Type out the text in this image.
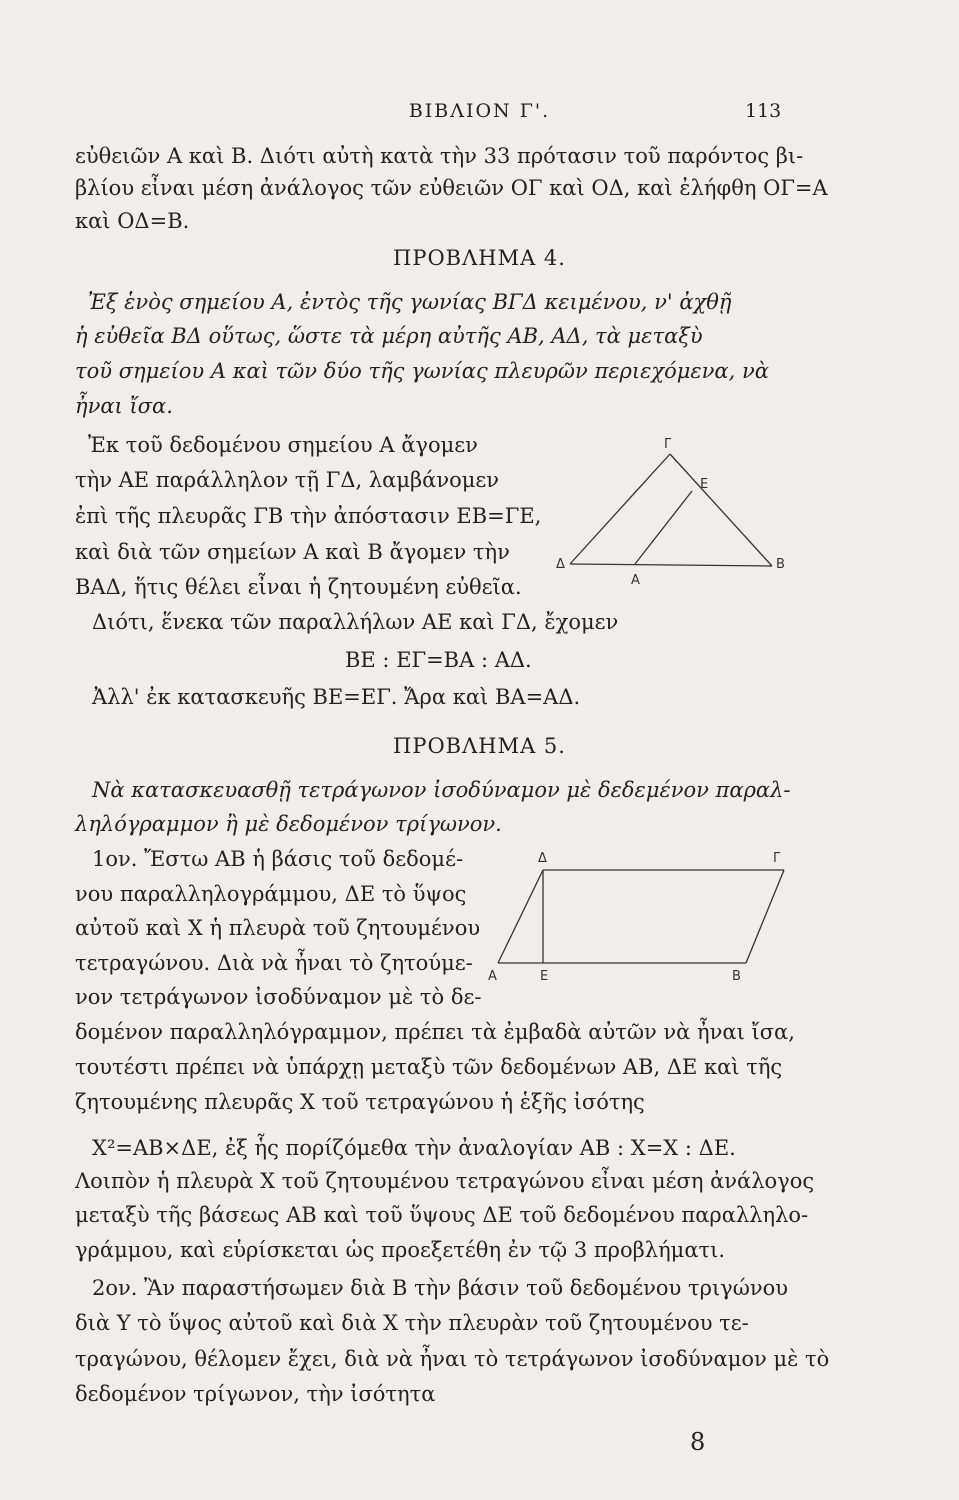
ΒΙΒΛΙΟΝ Γ'.	113
εὐθειῶν Α καὶ Β. Διότι αὐτὴ κατὰ τὴν 33 πρότασιν τοῦ παρόντος βι-
βλίου εἶναι μέση ἀνάλογος τῶν εὐθειῶν ΟΓ καὶ ΟΔ, καὶ ἐλήφθη ΟΓ=Α
καὶ ΟΔ=Β.
ΠΡΟΒΛΗΜΑ 4.
Ἐξ ἑνὸς σημείου Α, ἐντὸς τῆς γωνίας ΒΓΔ κειμένου, ν' ἀχθῇ
ἡ εὐθεῖα ΒΔ οὕτως, ὥστε τὰ μέρη αὐτῆς ΑΒ, ΑΔ, τὰ μεταξὺ
τοῦ σημείου Α καὶ τῶν δύο τῆς γωνίας πλευρῶν περιεχόμενα, νὰ
ἦναι ἴσα.
Ἐκ τοῦ δεδομένου σημείου Α ἄγομεν
τὴν ΑΕ παράλληλον τῇ ΓΔ, λαμβάνομεν
ἐπὶ τῆς πλευρᾶς ΓΒ τὴν ἀπόστασιν ΕΒ=ΓΕ,
καὶ διὰ τῶν σημείων Α καὶ Β ἄγομεν τὴν
ΒΑΔ, ἥτις θέλει εἶναι ἡ ζητουμένη εὐθεῖα.
Διότι, ἕνεκα τῶν παραλλήλων ΑΕ καὶ ΓΔ, ἔχομεν
ΒΕ : ΕΓ=ΒΑ : ΑΔ.
Ἀλλ' ἐκ κατασκευῆς ΒΕ=ΕΓ. Ἄρα καὶ ΒΑ=ΑΔ.
Γ
Ε
Δ
Α
Β
ΠΡΟΒΛΗΜΑ 5.
Νὰ κατασκευασθῇ τετράγωνον ἰσοδύναμον μὲ δεδεμένον παραλ-
ληλόγραμμον ἢ μὲ δεδομένον τρίγωνον.
1ον. Ἔστω ΑΒ ἡ βάσις τοῦ δεδομέ-
νου παραλληλογράμμου, ΔΕ τὸ ὕψος
αὐτοῦ καὶ Χ ἡ πλευρὰ τοῦ ζητουμένου
τετραγώνου. Διὰ νὰ ἦναι τὸ ζητούμε-
νον τετράγωνον ἰσοδύναμον μὲ τὸ δε-
δομένον παραλληλόγραμμον, πρέπει τὰ ἐμβαδὰ αὐτῶν νὰ ἦναι ἴσα,
τουτέστι πρέπει νὰ ὑπάρχῃ μεταξὺ τῶν δεδομένων ΑΒ, ΔΕ καὶ τῆς
ζητουμένης πλευρᾶς Χ τοῦ τετραγώνου ἡ ἑξῆς ἰσότης
Χ²=ΑΒ×ΔΕ, ἐξ ἧς πορίζόμεθα τὴν ἀναλογίαν ΑΒ : Χ=Χ : ΔΕ.
Λοιπὸν ἡ πλευρὰ Χ τοῦ ζητουμένου τετραγώνου εἶναι μέση ἀνάλογος
μεταξὺ τῆς βάσεως ΑΒ καὶ τοῦ ὕψους ΔΕ τοῦ δεδομένου παραλληλο-
γράμμου, καὶ εὑρίσκεται ὡς προεξετέθη ἐν τῷ 3 προβλήματι.
2ον. Ἂν παραστήσωμεν διὰ Β τὴν βάσιν τοῦ δεδομένου τριγώνου
διὰ Υ τὸ ὕψος αὐτοῦ καὶ διὰ Χ τὴν πλευρὰν τοῦ ζητουμένου τε-
τραγώνου, θέλομεν ἔχει, διὰ νὰ ἦναι τὸ τετράγωνον ἰσοδύναμον μὲ τὸ
δεδομένον τρίγωνον, τὴν ἰσότητα
Δ	Γ
Α	Ε	Β
8
